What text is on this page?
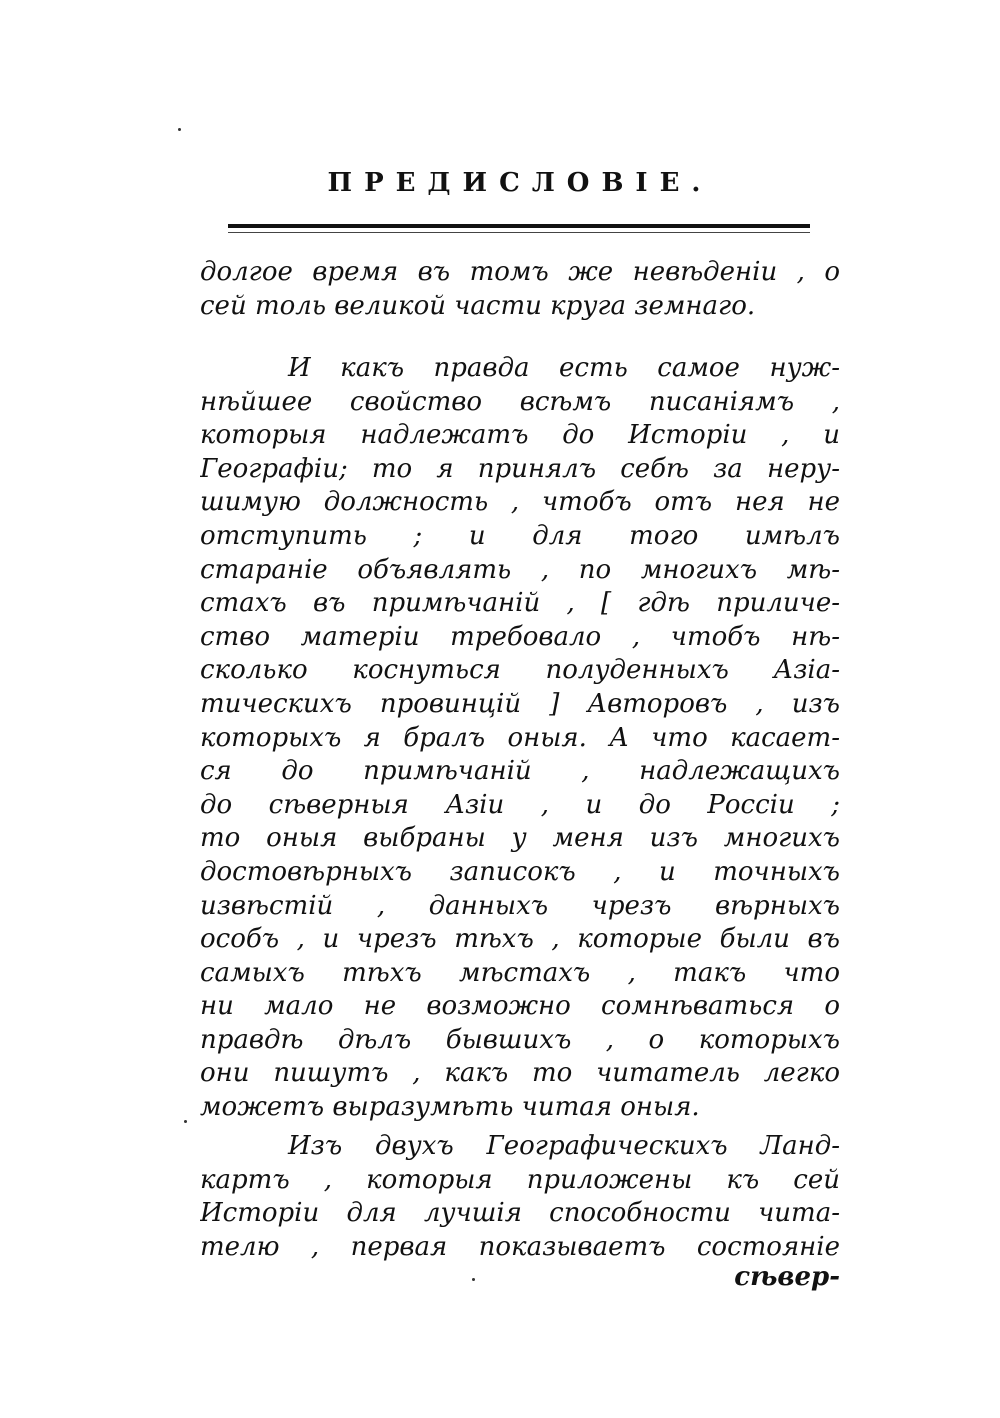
ПРЕДИСЛОВІЕ.
долгое время въ томъ же невѣденіи , о
сей толь великой части круга земнаго.
И какъ правда есть самое нуж-
нѣйшее свойство всѣмъ писаніямъ ,
которыя надлежатъ до Исторіи , и
Географіи; то я принялъ себѣ за неру-
шимую должность , чтобъ отъ нея не
отступить ; и для того имѣлъ
стараніе объявлять , по многихъ мѣ-
стахъ въ примѣчаній , [ гдѣ приличе-
ство матеріи требовало , чтобъ нѣ-
сколько коснуться полуденныхъ Азіа-
тическихъ провинцій ] Авторовъ , изъ
которыхъ я бралъ оныя. А что касает-
ся до примѣчаній , надлежащихъ
до сѣверныя Азіи , и до Россіи ;
то оныя выбраны у меня изъ многихъ
достовѣрныхъ записокъ , и точныхъ
извѣстій , данныхъ чрезъ вѣрныхъ
особъ , и чрезъ тѣхъ , которые были въ
самыхъ тѣхъ мѣстахъ , такъ что
ни мало не возможно сомнѣваться о
правдѣ дѣлъ бывшихъ , о которыхъ
они пишутъ , какъ то читатель легко
можетъ выразумѣть читая оныя.
Изъ двухъ Географическихъ Ланд-
картъ , которыя приложены къ сей
Исторіи для лучшія способности чита-
телю , первая показываетъ состояніе
сѣвер-
